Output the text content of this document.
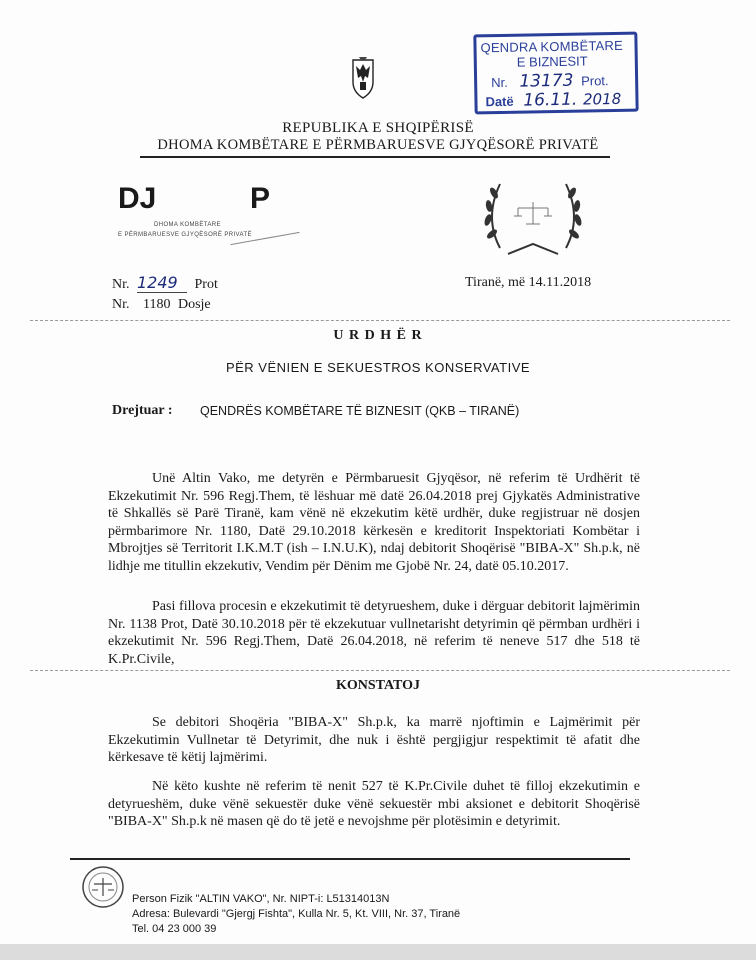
QENDRA KOMBËTARE
E BIZNESIT
Nr. 13173 Prot.
Datë 16.11. 2018
REPUBLIKA E SHQIPËRISË
DHOMA KOMBËTARE E PËRMBARUESVE GJYQËSORË PRIVATË
DJ	P
DHOMA KOMBËTARE
E PËRMBARUESVE GJYQËSORË PRIVATË
Nr. 1249 Prot
Nr. 1180 Dosje
Tiranë, më 14.11.2018
U R D H Ë R
PËR VËNIEN E SEKUESTROS KONSERVATIVE
Drejtuar : QENDRËS KOMBËTARE TË BIZNESIT (QKB – TIRANË)
Unë Altin Vako, me detyrën e Përmbaruesit Gjyqësor, në referim të Urdhërit të Ekzekutimit Nr. 596 Regj.Them, të lëshuar më datë 26.04.2018 prej Gjykatës Administrative të Shkallës së Parë Tiranë, kam vënë në ekzekutim këtë urdhër, duke regjistruar në dosjen përmbarimore Nr. 1180, Datë 29.10.2018 kërkesën e kreditorit Inspektoriati Kombëtar i Mbrojtjes së Territorit I.K.M.T (ish – I.N.U.K), ndaj debitorit Shoqërisë "BIBA-X" Sh.p.k, në lidhje me titullin ekzekutiv, Vendim për Dënim me Gjobë Nr. 24, datë 05.10.2017.
Pasi fillova procesin e ekzekutimit të detyrueshem, duke i dërguar debitorit lajmërimin Nr. 1138 Prot, Datë 30.10.2018 për të ekzekutuar vullnetarisht detyrimin që përmban urdhëri i ekzekutimit Nr. 596 Regj.Them, Datë 26.04.2018, në referim të neneve 517 dhe 518 të K.Pr.Civile,
KONSTATOJ
Se debitori Shoqëria "BIBA-X" Sh.p.k, ka marrë njoftimin e Lajmërimit për Ekzekutimin Vullnetar të Detyrimit, dhe nuk i është pergjigjur respektimit të afatit dhe kërkesave të këtij lajmërimi.
Në këto kushte në referim të nenit 527 të K.Pr.Civile duhet të filloj ekzekutimin e detyrueshëm, duke vënë sekuestër duke vënë sekuestër mbi aksionet e debitorit Shoqërisë "BIBA-X" Sh.p.k në masen që do të jetë e nevojshme për plotësimin e detyrimit.
Person Fizik "ALTIN VAKO", Nr. NIPT-i: L51314013N
Adresa: Bulevardi "Gjergj Fishta", Kulla Nr. 5, Kt. VIII, Nr. 37, Tiranë
Tel. 04 23 000 39
